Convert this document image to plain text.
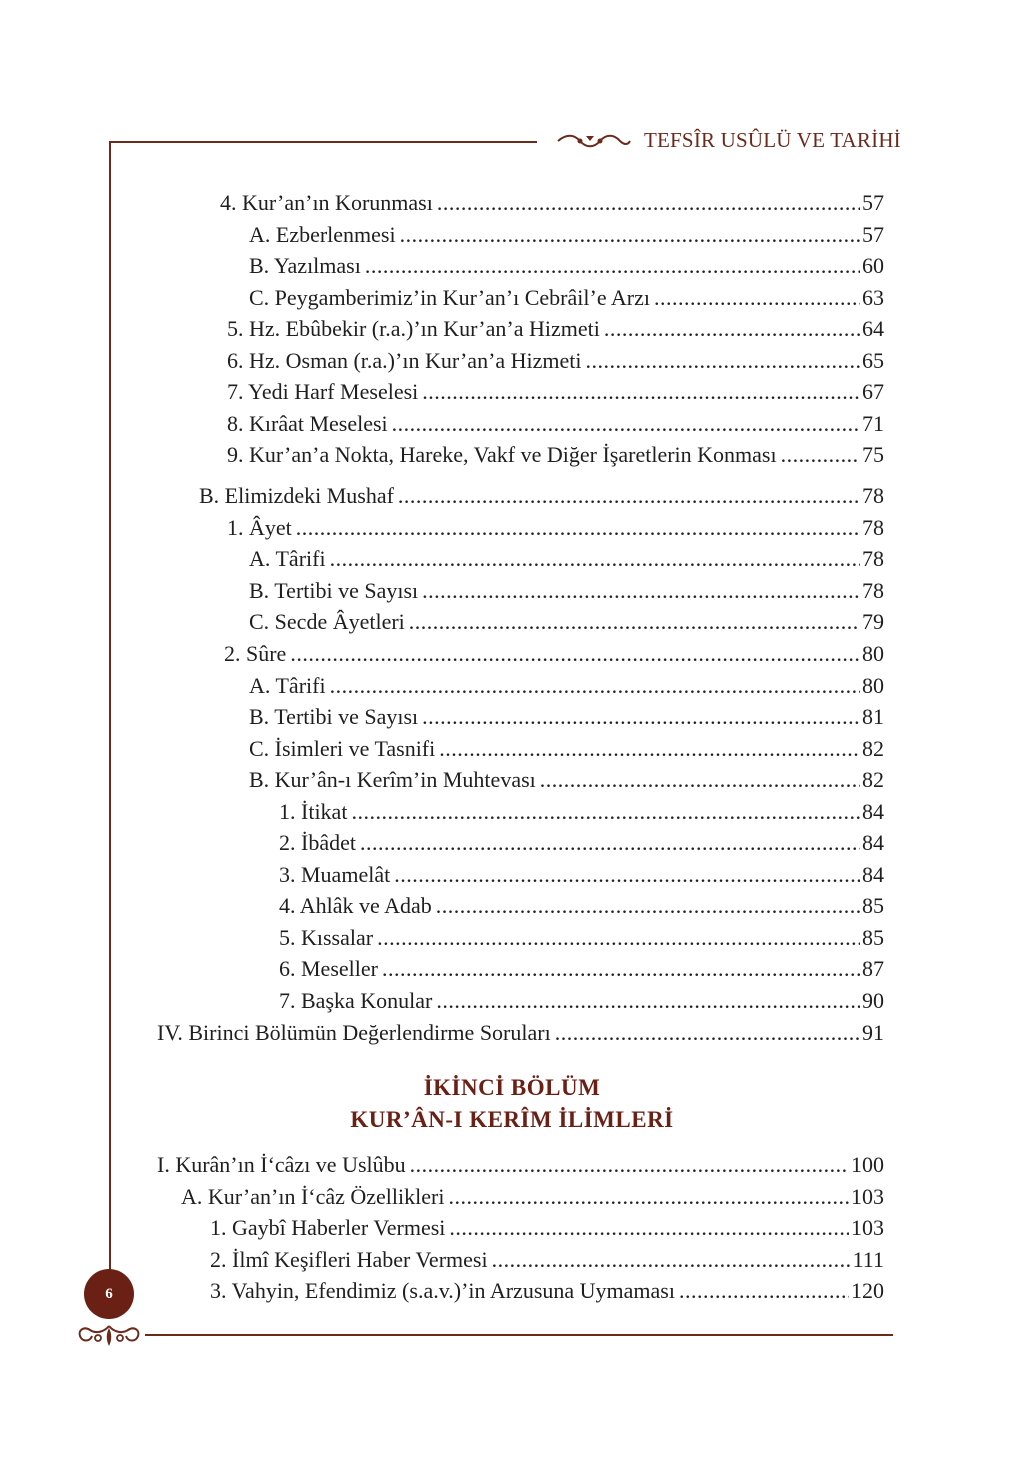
TEFSÎR USÛLÜ VE TARİHİ
4. Kur’an’ın Korunması .....	57
A. Ezberlenmesi .....	57
B. Yazılması .....	60
C. Peygamberimiz’in Kur’an’ı Cebrâil’e Arzı .....	63
5. Hz. Ebûbekir (r.a.)’ın Kur’an’a Hizmeti .....	64
6. Hz. Osman (r.a.)’ın Kur’an’a Hizmeti .....	65
7. Yedi Harf Meselesi .....	67
8. Kırâat Meselesi .....	71
9. Kur’an’a Nokta, Hareke, Vakf ve Diğer İşaretlerin Konması .....	75
B. Elimizdeki Mushaf .....	78
1. Âyet .....	78
A. Târifi .....	78
B. Tertibi ve Sayısı .....	78
C. Secde Âyetleri .....	79
2. Sûre .....	80
A. Târifi .....	80
B. Tertibi ve Sayısı .....	81
C. İsimleri ve Tasnifi .....	82
B. Kur’ân-ı Kerîm’in Muhtevası .....	82
1. İtikat .....	84
2. İbâdet .....	84
3. Muamelât .....	84
4. Ahlâk ve Adab .....	85
5. Kıssalar .....	85
6. Meseller .....	87
7. Başka Konular .....	90
IV. Birinci Bölümün Değerlendirme Soruları .....	91
İKİNCİ BÖLÜM
KUR’ÂN-I KERÎM İLİMLERİ
I. Kurân’ın İ‘câzı ve Uslûbu .....	100
A. Kur’an’ın İ‘câz Özellikleri .....	103
1. Gaybî Haberler Vermesi .....	103
2. İlmî Keşifleri Haber Vermesi .....	111
3. Vahyin, Efendimiz (s.a.v.)’in Arzusuna Uymaması .....	120
6
